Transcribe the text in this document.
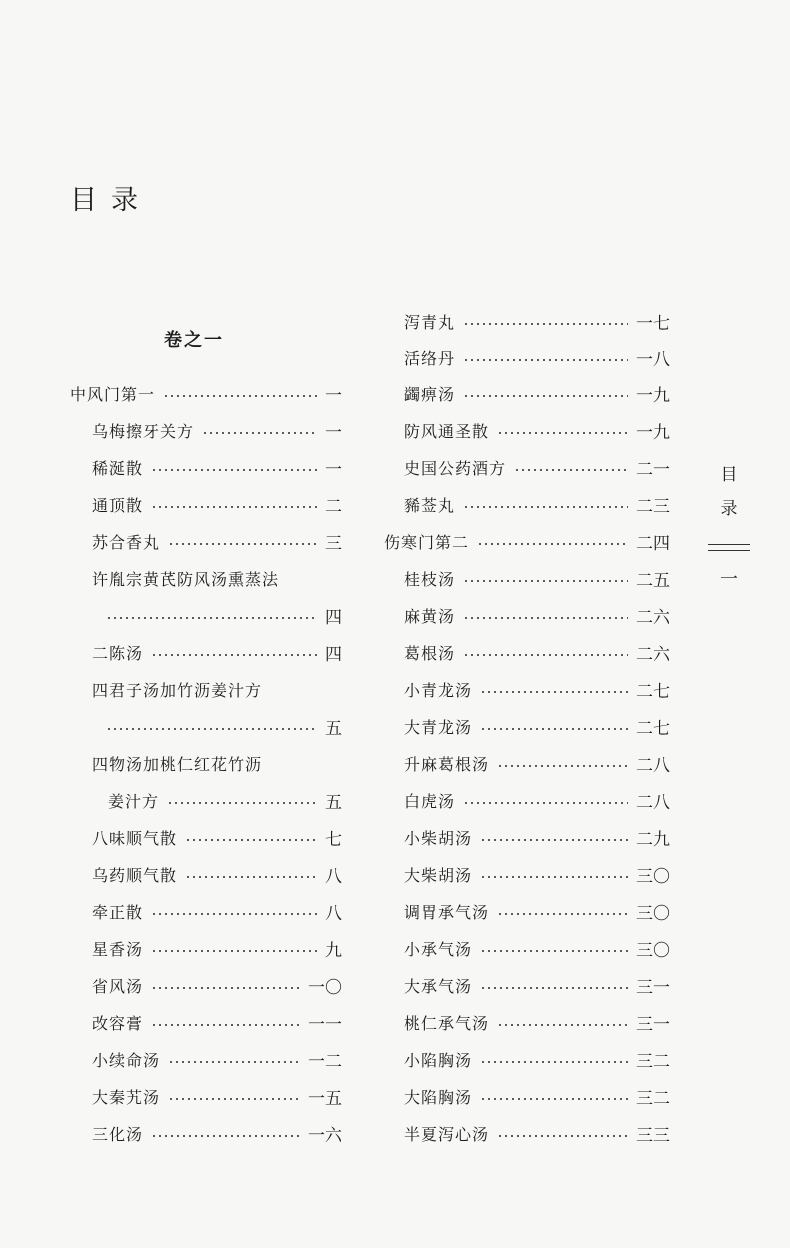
目录
卷之一
中风门第一	一
乌梅擦牙关方	一
稀涎散	一
通顶散	二
苏合香丸	三
许胤宗黄芪防风汤熏蒸法
四
二陈汤	四
四君子汤加竹沥姜汁方
五
四物汤加桃仁红花竹沥
姜汁方	五
八味顺气散	七
乌药顺气散	八
牵正散	八
星香汤	九
省风汤	一〇
改容膏	一一
小续命汤	一二
大秦艽汤	一五
三化汤	一六
泻青丸	一七
活络丹	一八
蠲痹汤	一九
防风通圣散	一九
史国公药酒方	二一
豨莶丸	二三
伤寒门第二	二四
桂枝汤	二五
麻黄汤	二六
葛根汤	二六
小青龙汤	二七
大青龙汤	二七
升麻葛根汤	二八
白虎汤	二八
小柴胡汤	二九
大柴胡汤	三〇
调胃承气汤	三〇
小承气汤	三〇
大承气汤	三一
桃仁承气汤	三一
小陷胸汤	三二
大陷胸汤	三二
半夏泻心汤	三三
目
录
一
